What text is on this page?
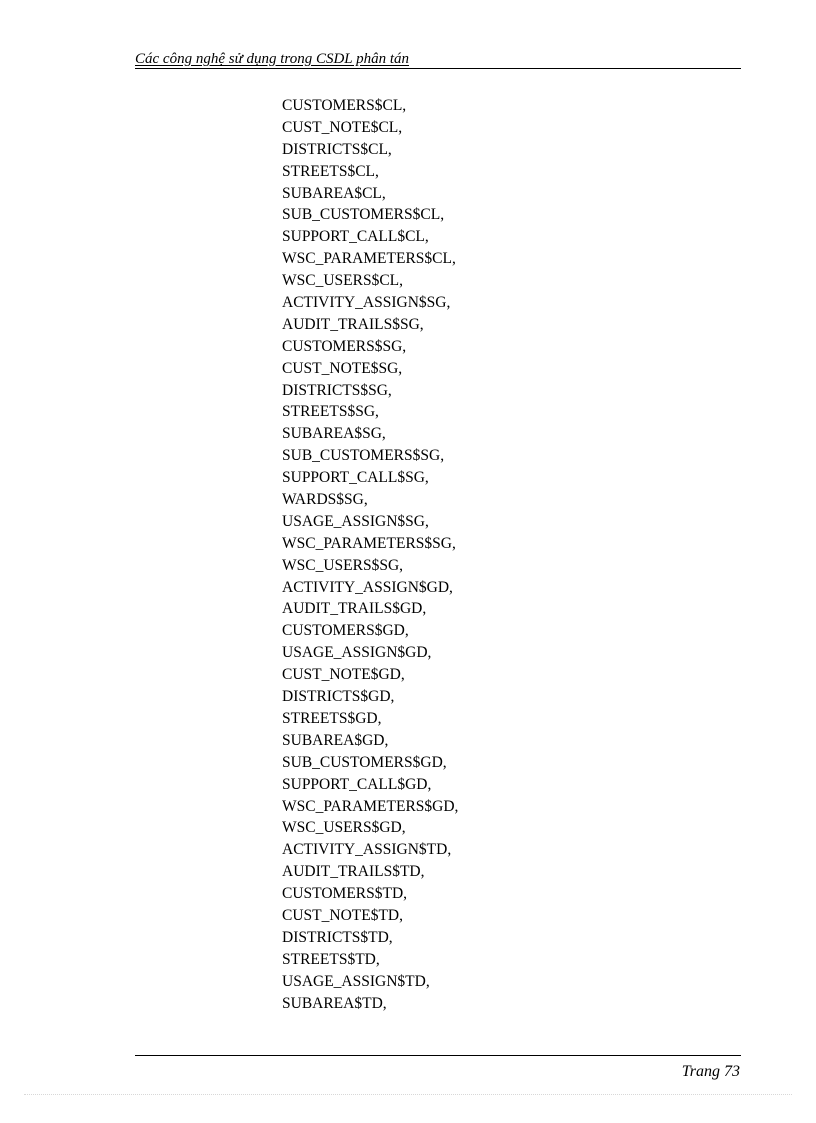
Các công nghệ sử dụng trong CSDL phân tán
CUSTOMERS$CL,
CUST_NOTE$CL,
DISTRICTS$CL,
STREETS$CL,
SUBAREA$CL,
SUB_CUSTOMERS$CL,
SUPPORT_CALL$CL,
WSC_PARAMETERS$CL,
WSC_USERS$CL,
ACTIVITY_ASSIGN$SG,
AUDIT_TRAILS$SG,
CUSTOMERS$SG,
CUST_NOTE$SG,
DISTRICTS$SG,
STREETS$SG,
SUBAREA$SG,
SUB_CUSTOMERS$SG,
SUPPORT_CALL$SG,
WARDS$SG,
USAGE_ASSIGN$SG,
WSC_PARAMETERS$SG,
WSC_USERS$SG,
ACTIVITY_ASSIGN$GD,
AUDIT_TRAILS$GD,
CUSTOMERS$GD,
USAGE_ASSIGN$GD,
CUST_NOTE$GD,
DISTRICTS$GD,
STREETS$GD,
SUBAREA$GD,
SUB_CUSTOMERS$GD,
SUPPORT_CALL$GD,
WSC_PARAMETERS$GD,
WSC_USERS$GD,
ACTIVITY_ASSIGN$TD,
AUDIT_TRAILS$TD,
CUSTOMERS$TD,
CUST_NOTE$TD,
DISTRICTS$TD,
STREETS$TD,
USAGE_ASSIGN$TD,
SUBAREA$TD,
Trang 73
